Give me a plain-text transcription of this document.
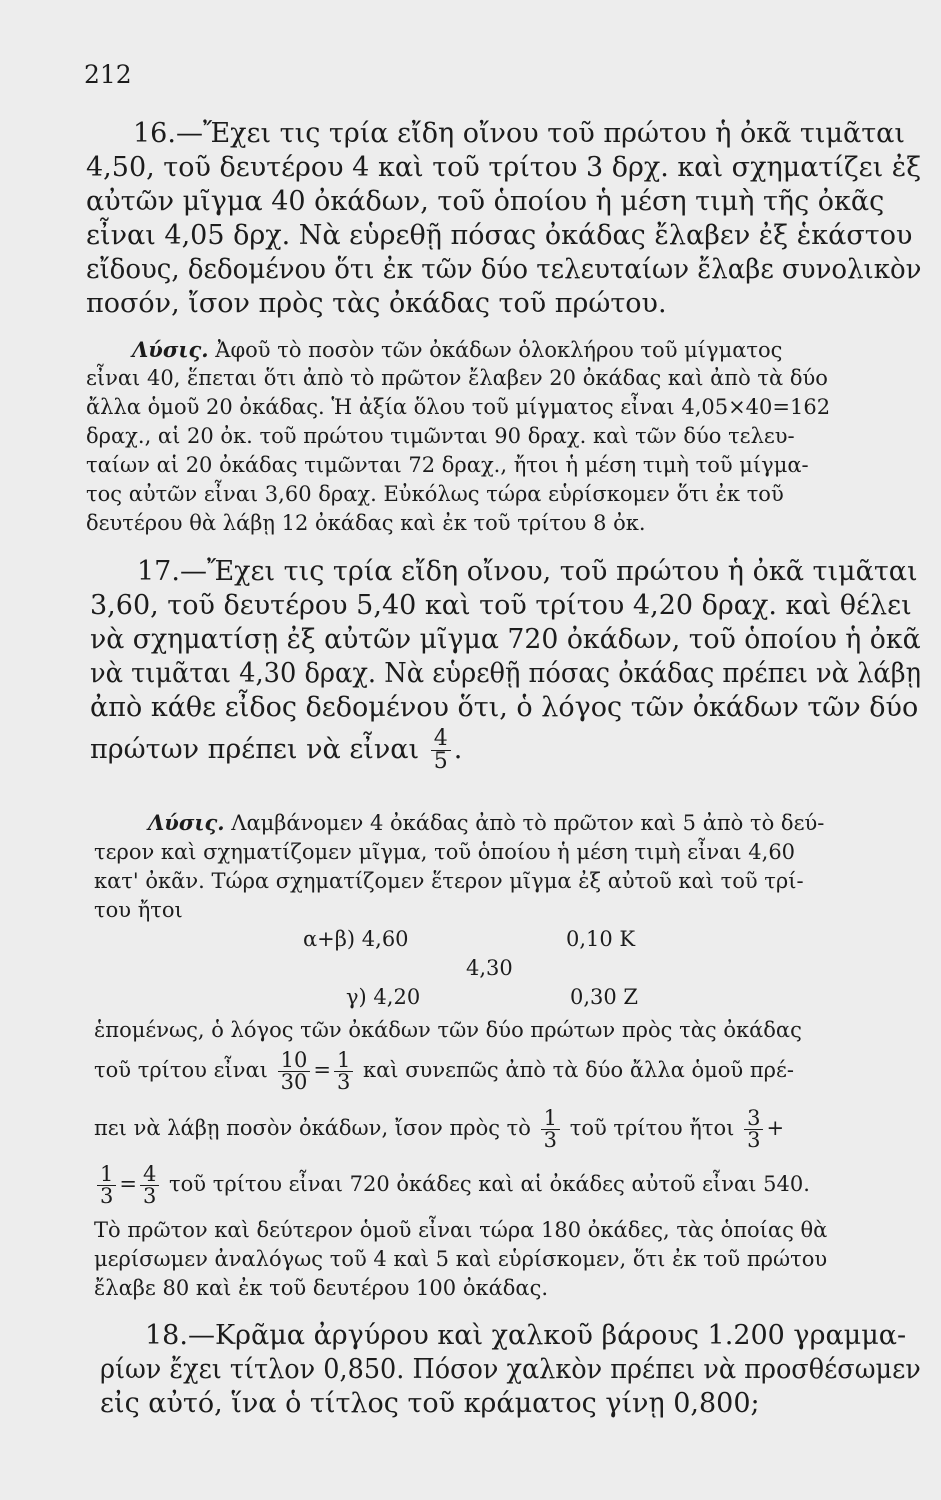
212
16.—Ἔχει τις τρία εἴδη οἴνου τοῦ πρώτου ἡ ὀκᾶ τιμᾶται
4,50, τοῦ δευτέρου 4 καὶ τοῦ τρίτου 3 δρχ. καὶ σχηματίζει ἐξ
αὐτῶν μῖγμα 40 ὀκάδων, τοῦ ὁποίου ἡ μέση τιμὴ τῆς ὀκᾶς
εἶναι 4,05 δρχ. Νὰ εὑρεθῇ πόσας ὀκάδας ἔλαβεν ἐξ ἑκάστου
εἴδους, δεδομένου ὅτι ἐκ τῶν δύο τελευταίων ἔλαβε συνολικὸν
ποσόν, ἴσον πρὸς τὰς ὀκάδας τοῦ πρώτου.
Λύσις. Ἀφοῦ τὸ ποσὸν τῶν ὀκάδων ὁλοκλήρου τοῦ μίγματος
εἶναι 40, ἕπεται ὅτι ἀπὸ τὸ πρῶτον ἔλαβεν 20 ὀκάδας καὶ ἀπὸ τὰ δύο
ἄλλα ὁμοῦ 20 ὀκάδας. Ἡ ἀξία ὅλου τοῦ μίγματος εἶναι 4,05×40=162
δραχ., αἱ 20 ὀκ. τοῦ πρώτου τιμῶνται 90 δραχ. καὶ τῶν δύο τελευ-
ταίων αἱ 20 ὀκάδας τιμῶνται 72 δραχ., ἤτοι ἡ μέση τιμὴ τοῦ μίγμα-
τος αὐτῶν εἶναι 3,60 δραχ. Εὐκόλως τώρα εὑρίσκομεν ὅτι ἐκ τοῦ
δευτέρου θὰ λάβῃ 12 ὀκάδας καὶ ἐκ τοῦ τρίτου 8 ὀκ.
17.—Ἔχει τις τρία εἴδη οἴνου, τοῦ πρώτου ἡ ὀκᾶ τιμᾶται
3,60, τοῦ δευτέρου 5,40 καὶ τοῦ τρίτου 4,20 δραχ. καὶ θέλει
νὰ σχηματίσῃ ἐξ αὐτῶν μῖγμα 720 ὀκάδων, τοῦ ὁποίου ἡ ὀκᾶ
νὰ τιμᾶται 4,30 δραχ. Νὰ εὑρεθῇ πόσας ὀκάδας πρέπει νὰ λάβῃ
ἀπὸ κάθε εἶδος δεδομένου ὅτι, ὁ λόγος τῶν ὀκάδων τῶν δύο
πρώτων πρέπει νὰ εἶναι $\frac{4}{5}$ .
Λύσις. Λαμβάνομεν 4 ὀκάδας ἀπὸ τὸ πρῶτον καὶ 5 ἀπὸ τὸ δεύ-
τερον καὶ σχηματίζομεν μῖγμα, τοῦ ὁποίου ἡ μέση τιμὴ εἶναι 4,60
κατ' ὀκᾶν. Τώρα σχηματίζομεν ἕτερον μῖγμα ἐξ αὐτοῦ καὶ τοῦ τρί-
του ἤτοι
α+β) 4,60	0,10 Κ
4,30
γ) 4,20	0,30 Ζ
ἑπομένως, ὁ λόγος τῶν ὀκάδων τῶν δύο πρώτων πρὸς τὰς ὀκάδας
τοῦ τρίτου εἶναι $\frac{10}{30} = \frac{1}{3}$ καὶ συνεπῶς ἀπὸ τὰ δύο ἄλλα ὁμοῦ πρέ-
πει νὰ λάβῃ ποσὸν ὀκάδων, ἴσον πρὸς τὸ $\frac{1}{3}$ τοῦ τρίτου ἤτοι $\frac{3}{3}$ +
$\frac{1}{3} = \frac{4}{3}$ τοῦ τρίτου εἶναι 720 ὀκάδες καὶ αἱ ὀκάδες αὐτοῦ εἶναι 540.
Τὸ πρῶτον καὶ δεύτερον ὁμοῦ εἶναι τώρα 180 ὀκάδες, τὰς ὁποίας θὰ
μερίσωμεν ἀναλόγως τοῦ 4 καὶ 5 καὶ εὑρίσκομεν, ὅτι ἐκ τοῦ πρώτου
ἔλαβε 80 καὶ ἐκ τοῦ δευτέρου 100 ὀκάδας.
18.—Κρᾶμα ἀργύρου καὶ χαλκοῦ βάρους 1.200 γραμμα-
ρίων ἔχει τίτλον 0,850. Πόσον χαλκὸν πρέπει νὰ προσθέσωμεν
εἰς αὐτό, ἵνα ὁ τίτλος τοῦ κράματος γίνῃ 0,800;
